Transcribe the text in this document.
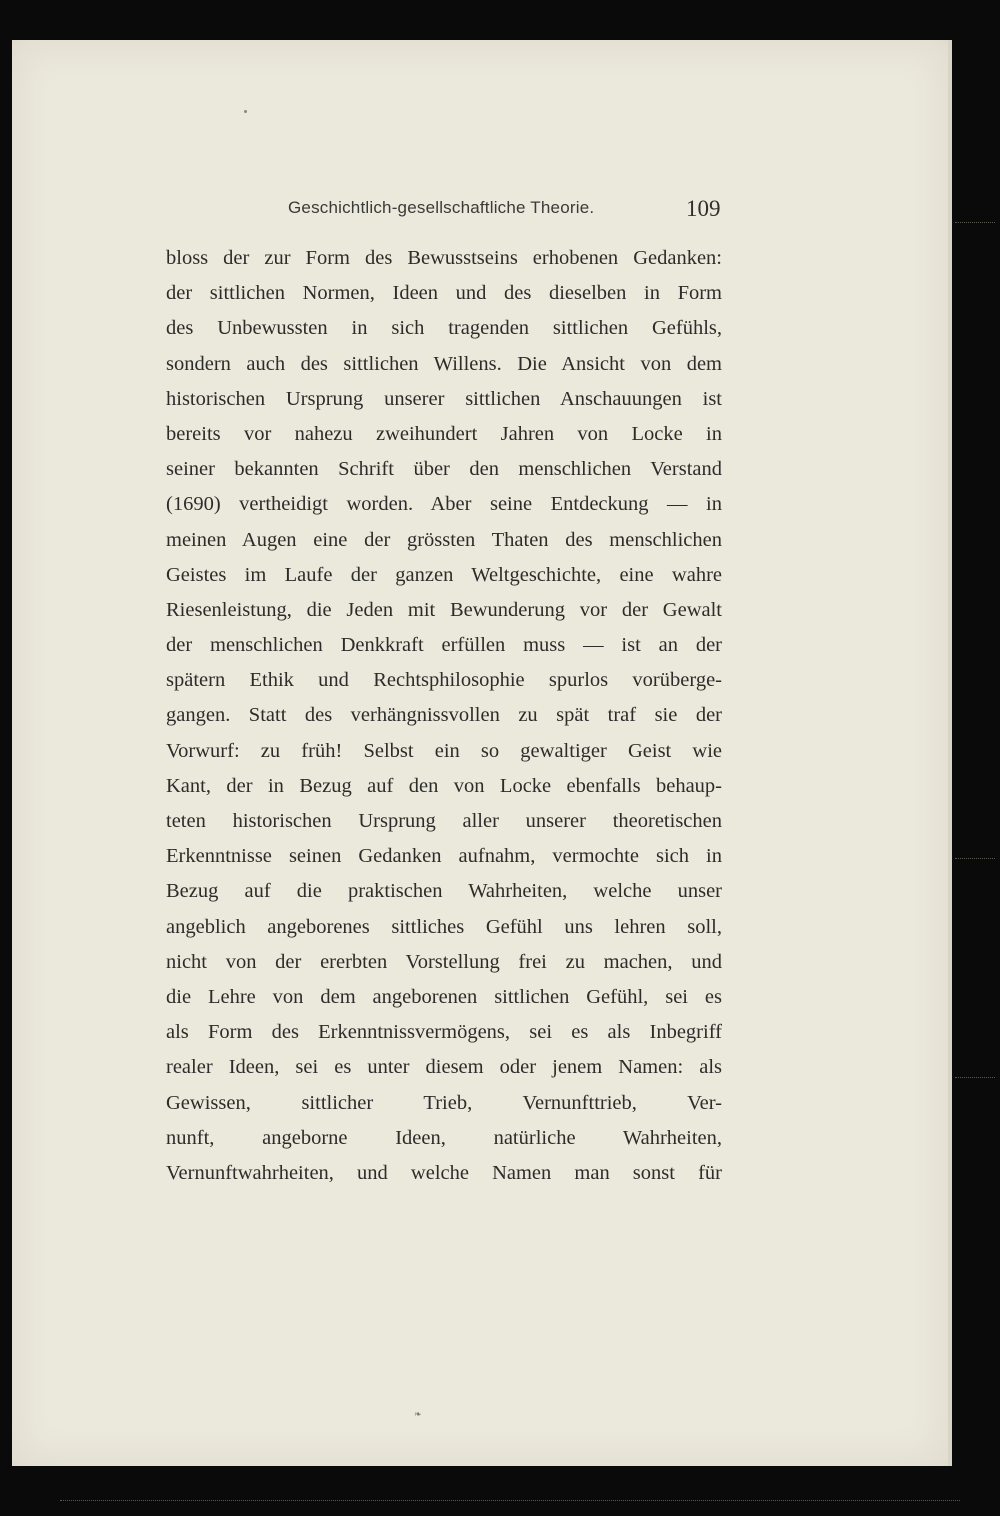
Geschichtlich-gesellschaftliche Theorie.	109
bloss der zur Form des Bewusstseins erhobenen Gedanken:
der sittlichen Normen, Ideen und des dieselben in Form
des Unbewussten in sich tragenden sittlichen Gefühls,
sondern auch des sittlichen Willens. Die Ansicht von dem
historischen Ursprung unserer sittlichen Anschauungen ist
bereits vor nahezu zweihundert Jahren von Locke in
seiner bekannten Schrift über den menschlichen Verstand
(1690) vertheidigt worden. Aber seine Entdeckung — in
meinen Augen eine der grössten Thaten des menschlichen
Geistes im Laufe der ganzen Weltgeschichte, eine wahre
Riesenleistung, die Jeden mit Bewunderung vor der Gewalt
der menschlichen Denkkraft erfüllen muss — ist an der
spätern Ethik und Rechtsphilosophie spurlos vorüberge-
gangen. Statt des verhängnissvollen zu spät traf sie der
Vorwurf: zu früh! Selbst ein so gewaltiger Geist wie
Kant, der in Bezug auf den von Locke ebenfalls behaup-
teten historischen Ursprung aller unserer theoretischen
Erkenntnisse seinen Gedanken aufnahm, vermochte sich in
Bezug auf die praktischen Wahrheiten, welche unser
angeblich angeborenes sittliches Gefühl uns lehren soll,
nicht von der ererbten Vorstellung frei zu machen, und
die Lehre von dem angeborenen sittlichen Gefühl, sei es
als Form des Erkenntnissvermögens, sei es als Inbegriff
realer Ideen, sei es unter diesem oder jenem Namen: als
Gewissen, sittlicher Trieb, Vernunfttrieb, Ver-
nunft, angeborne Ideen, natürliche Wahrheiten,
Vernunftwahrheiten, und welche Namen man sonst für
❧
